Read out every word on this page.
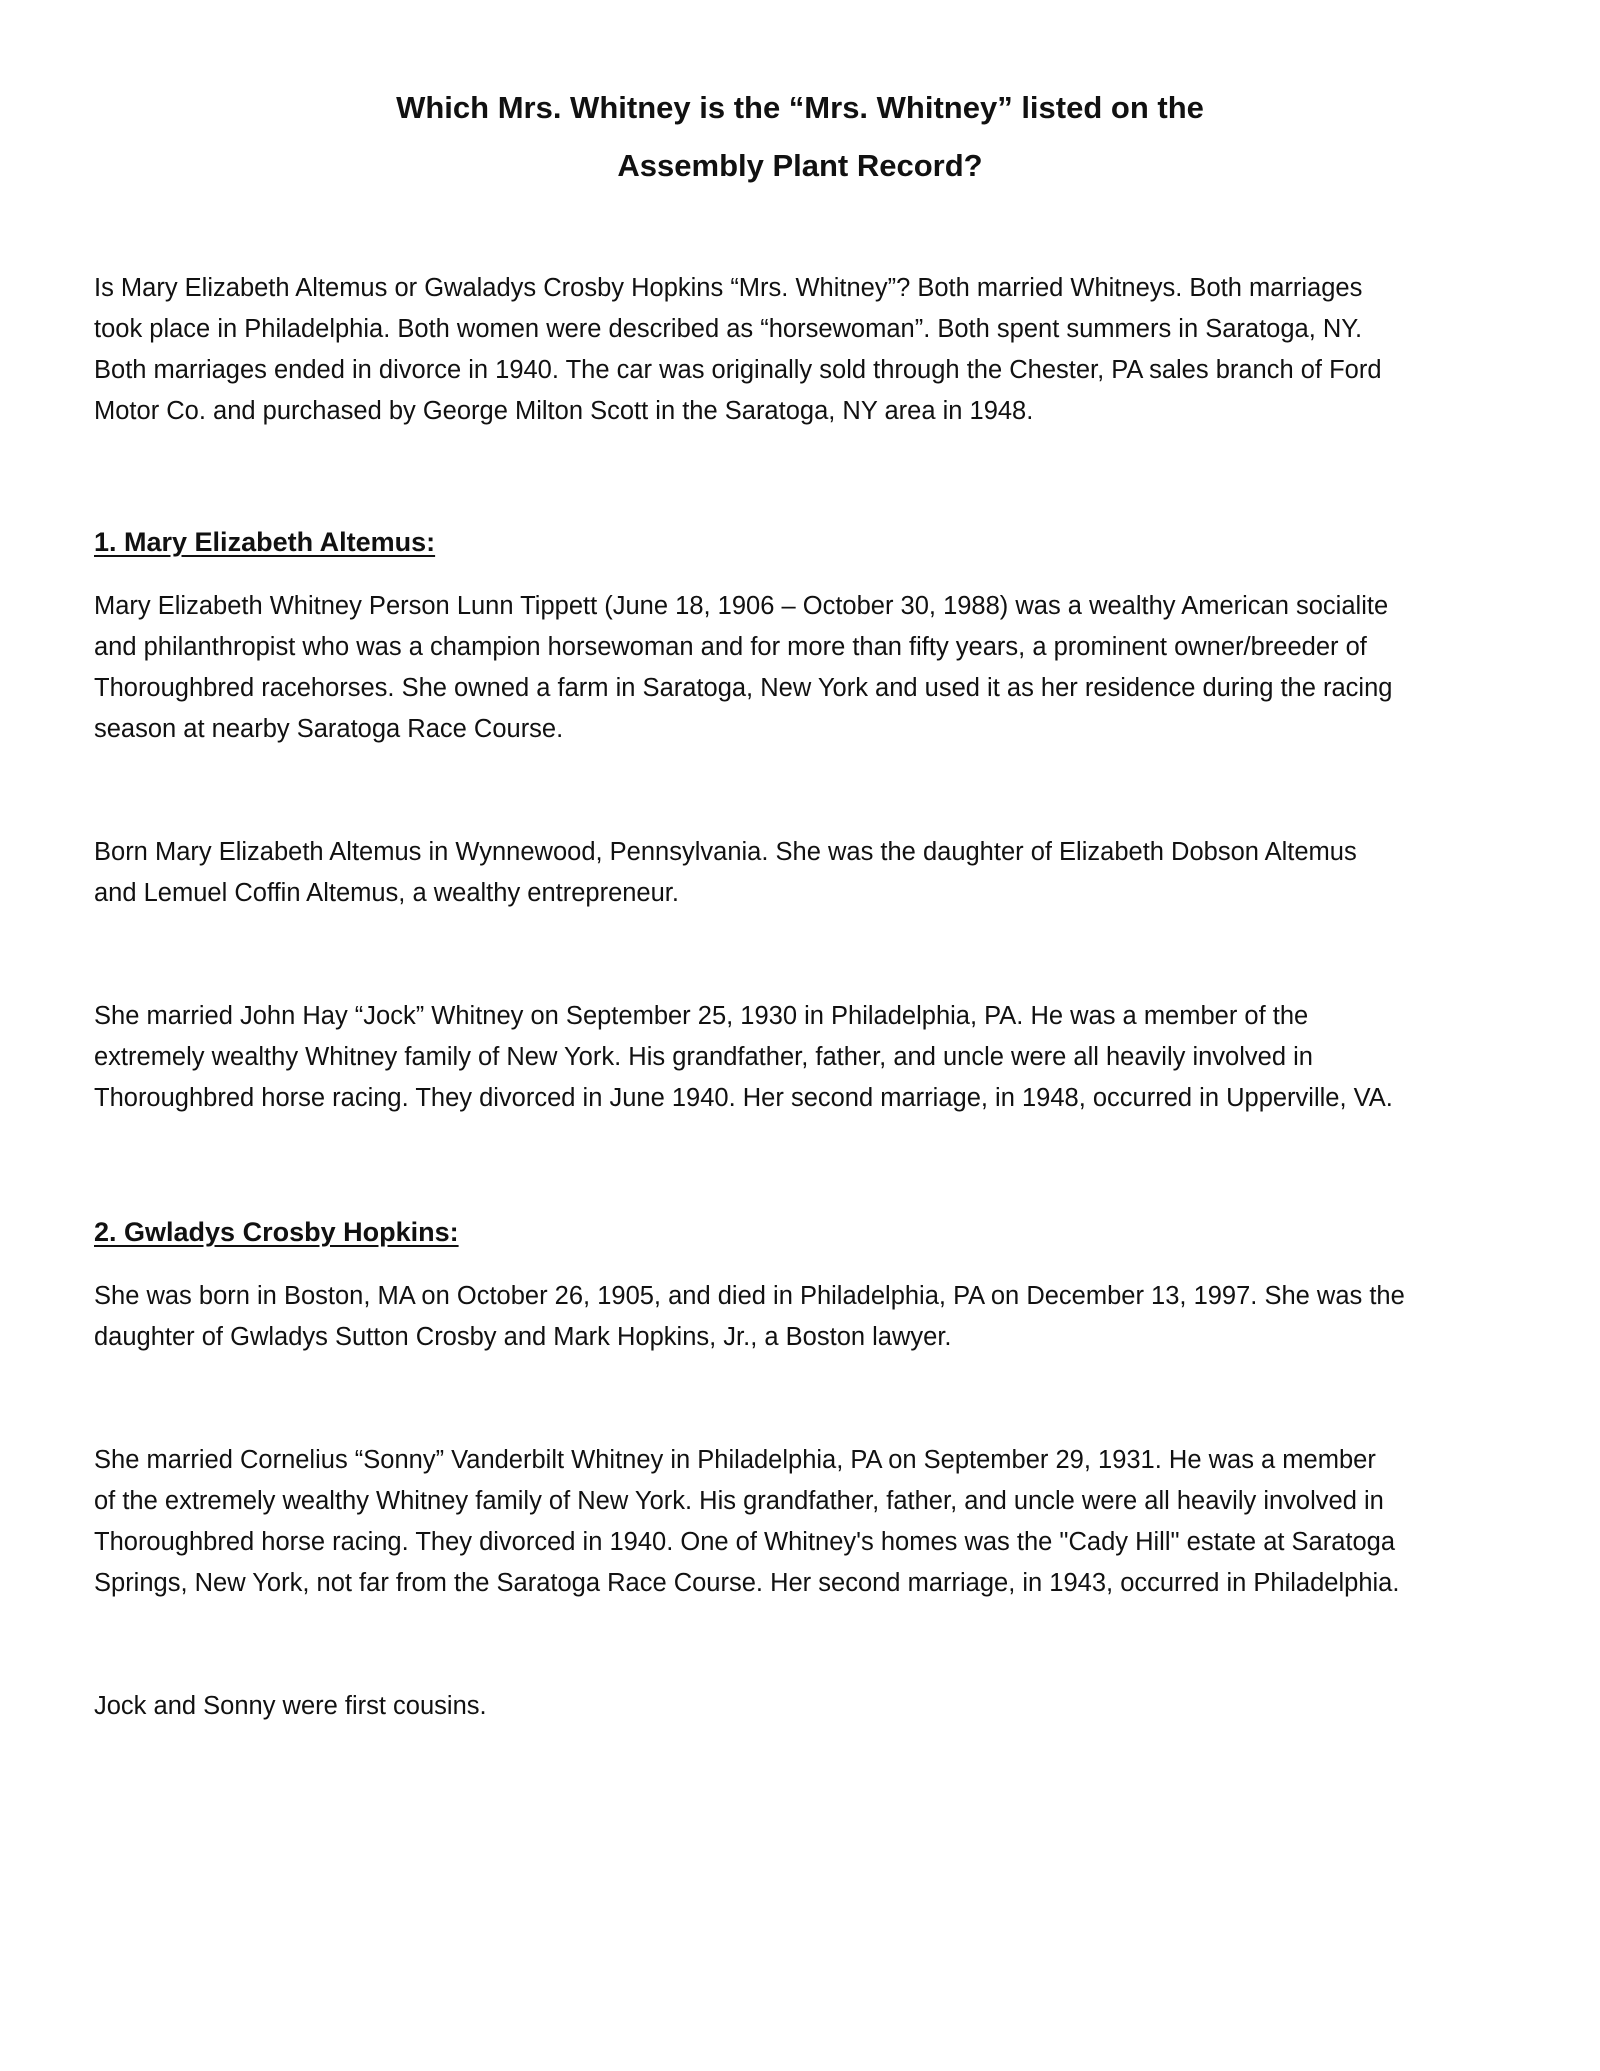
Which Mrs. Whitney is the “Mrs. Whitney” listed on the
Assembly Plant Record?

Is Mary Elizabeth Altemus or Gwaladys Crosby Hopkins “Mrs. Whitney”? Both married Whitneys. Both marriages
took place in Philadelphia. Both women were described as “horsewoman”. Both spent summers in Saratoga, NY.
Both marriages ended in divorce in 1940. The car was originally sold through the Chester, PA sales branch of Ford
Motor Co. and purchased by George Milton Scott in the Saratoga, NY area in 1948.

1. Mary Elizabeth Altemus:

Mary Elizabeth Whitney Person Lunn Tippett (June 18, 1906 – October 30, 1988) was a wealthy American socialite
and philanthropist who was a champion horsewoman and for more than fifty years, a prominent owner/breeder of
Thoroughbred racehorses. She owned a farm in Saratoga, New York and used it as her residence during the racing
season at nearby Saratoga Race Course.

Born Mary Elizabeth Altemus in Wynnewood, Pennsylvania. She was the daughter of Elizabeth Dobson Altemus
and Lemuel Coffin Altemus, a wealthy entrepreneur.

She married John Hay “Jock” Whitney on September 25, 1930 in Philadelphia, PA. He was a member of the
extremely wealthy Whitney family of New York. His grandfather, father, and uncle were all heavily involved in
Thoroughbred horse racing. They divorced in June 1940. Her second marriage, in 1948, occurred in Upperville, VA.

2. Gwladys Crosby Hopkins:

She was born in Boston, MA on October 26, 1905, and died in Philadelphia, PA on December 13, 1997. She was the
daughter of Gwladys Sutton Crosby and Mark Hopkins, Jr., a Boston lawyer.

She married Cornelius “Sonny” Vanderbilt Whitney in Philadelphia, PA on September 29, 1931. He was a member
of the extremely wealthy Whitney family of New York. His grandfather, father, and uncle were all heavily involved in
Thoroughbred horse racing. They divorced in 1940. One of Whitney's homes was the "Cady Hill" estate at Saratoga
Springs, New York, not far from the Saratoga Race Course. Her second marriage, in 1943, occurred in Philadelphia.

Jock and Sonny were first cousins.
